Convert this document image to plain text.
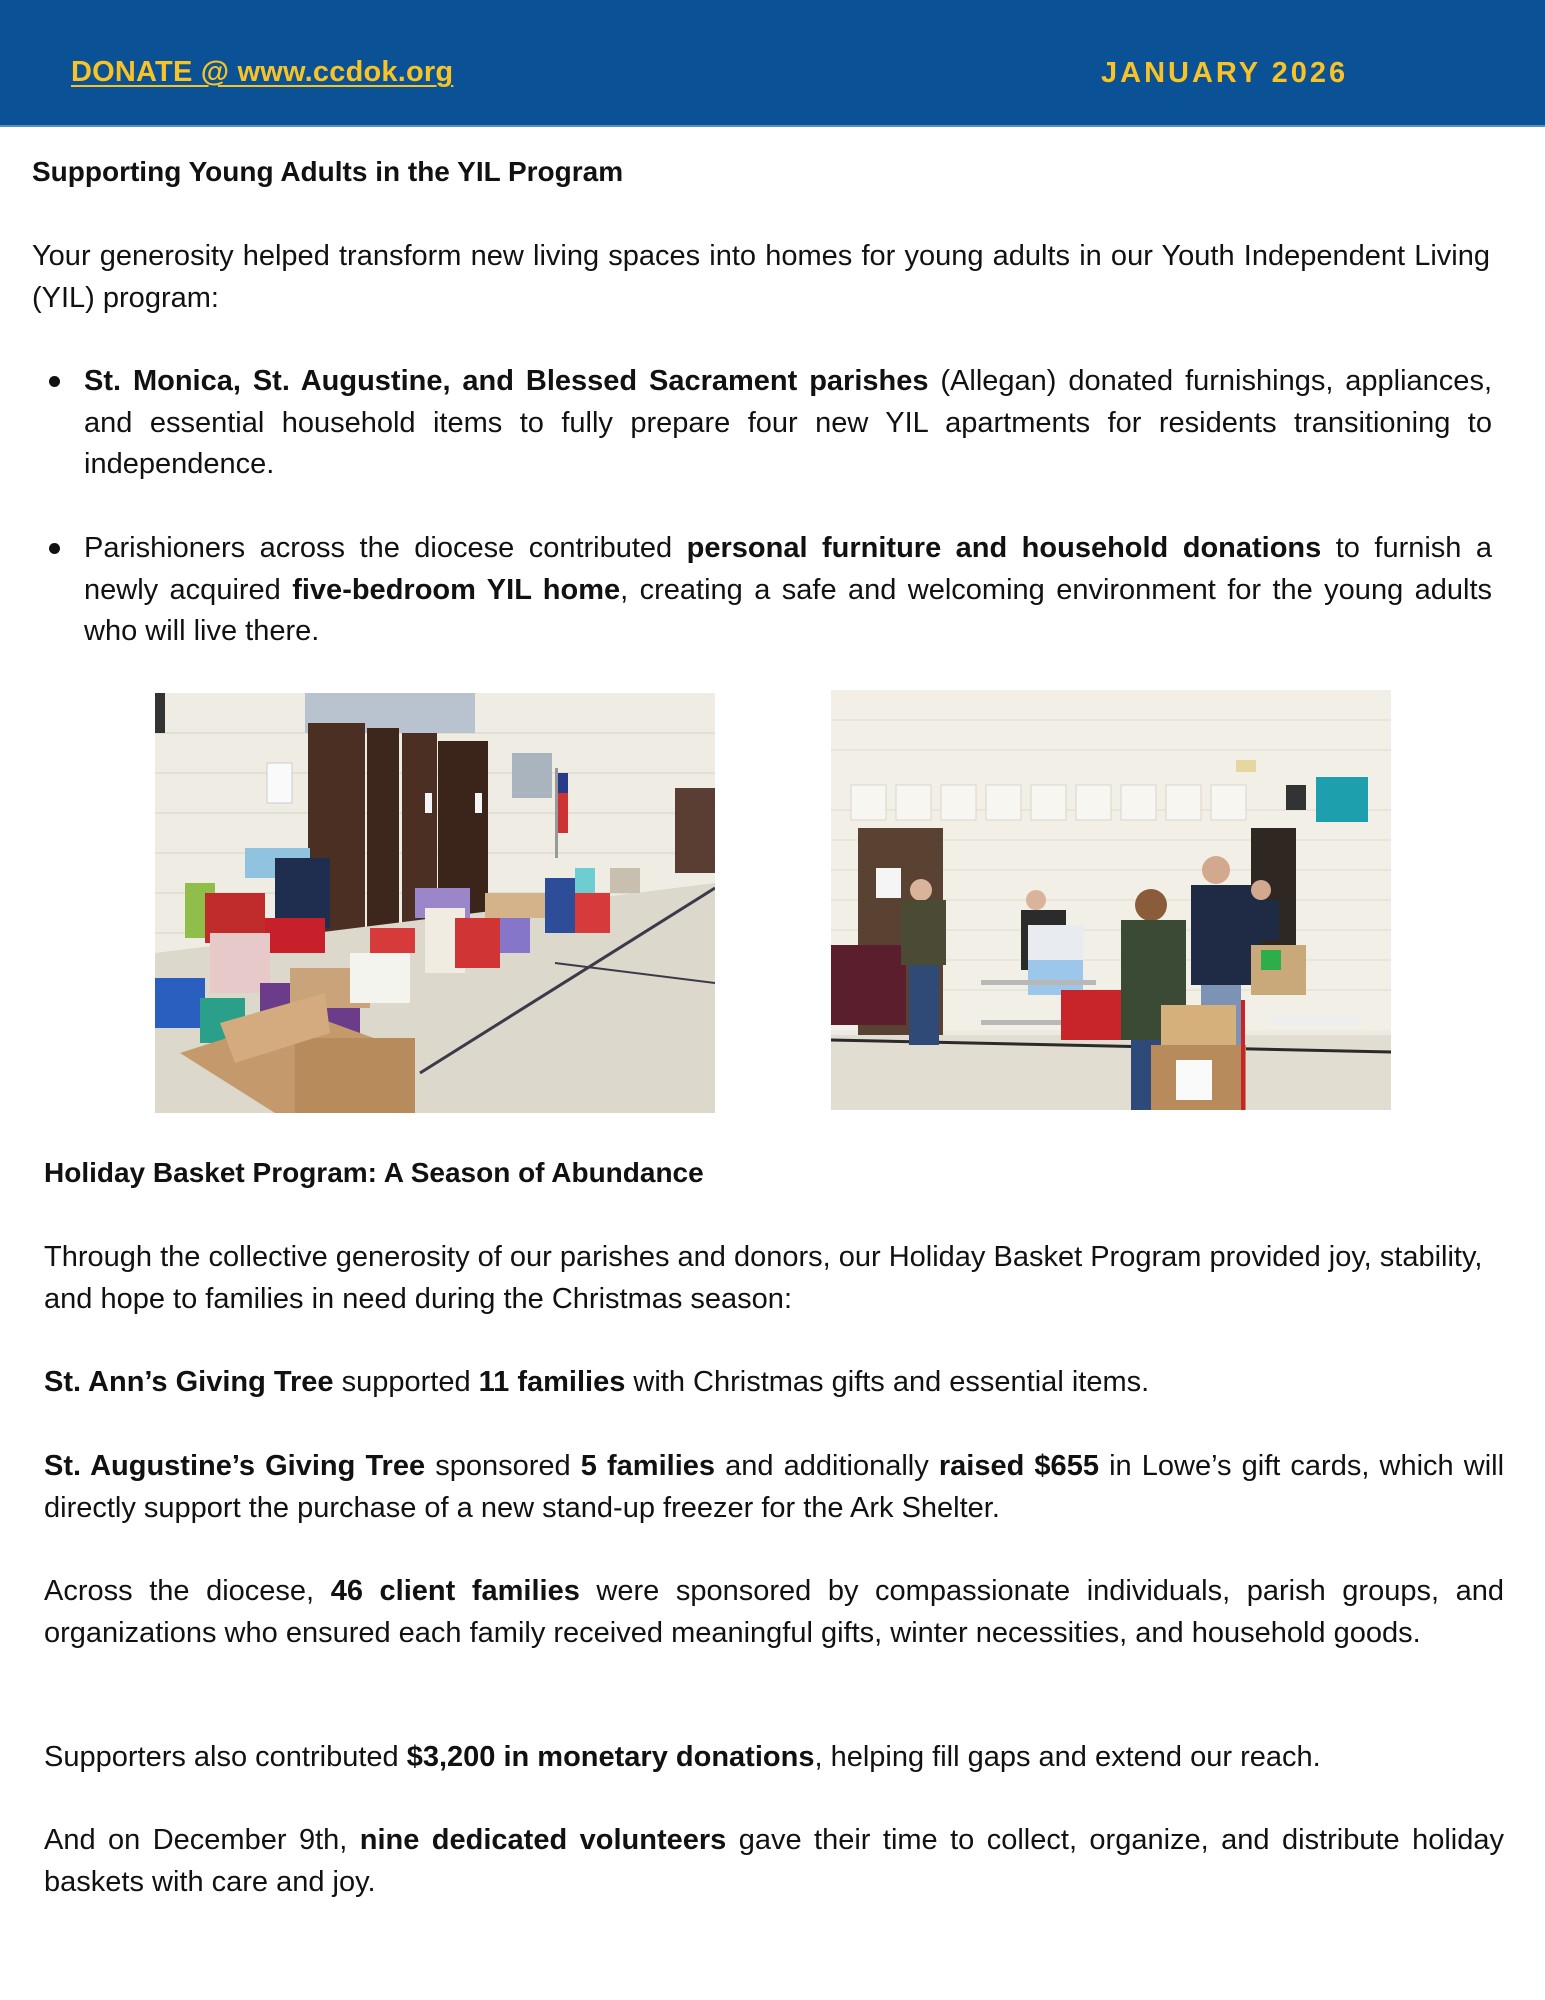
DONATE @ www.ccdok.org	JANUARY 2026
Supporting Young Adults in the YIL Program
Your generosity helped transform new living spaces into homes for young adults in our Youth Independent Living (YIL) program:
St. Monica, St. Augustine, and Blessed Sacrament parishes (Allegan) donated furnishings, appliances, and essential household items to fully prepare four new YIL apartments for residents transitioning to independence.
Parishioners across the diocese contributed personal furniture and household donations to furnish a newly acquired five-bedroom YIL home, creating a safe and welcoming environment for the young adults who will live there.
Holiday Basket Program: A Season of Abundance
Through the collective generosity of our parishes and donors, our Holiday Basket Program provided joy, stability, and hope to families in need during the Christmas season:
St. Ann’s Giving Tree supported 11 families with Christmas gifts and essential items.
St. Augustine’s Giving Tree sponsored 5 families and additionally raised $655 in Lowe’s gift cards, which will directly support the purchase of a new stand-up freezer for the Ark Shelter.
Across the diocese, 46 client families were sponsored by compassionate individuals, parish groups, and organizations who ensured each family received meaningful gifts, winter necessities, and household goods.
Supporters also contributed $3,200 in monetary donations, helping fill gaps and extend our reach.
And on December 9th, nine dedicated volunteers gave their time to collect, organize, and distribute holiday baskets with care and joy.
